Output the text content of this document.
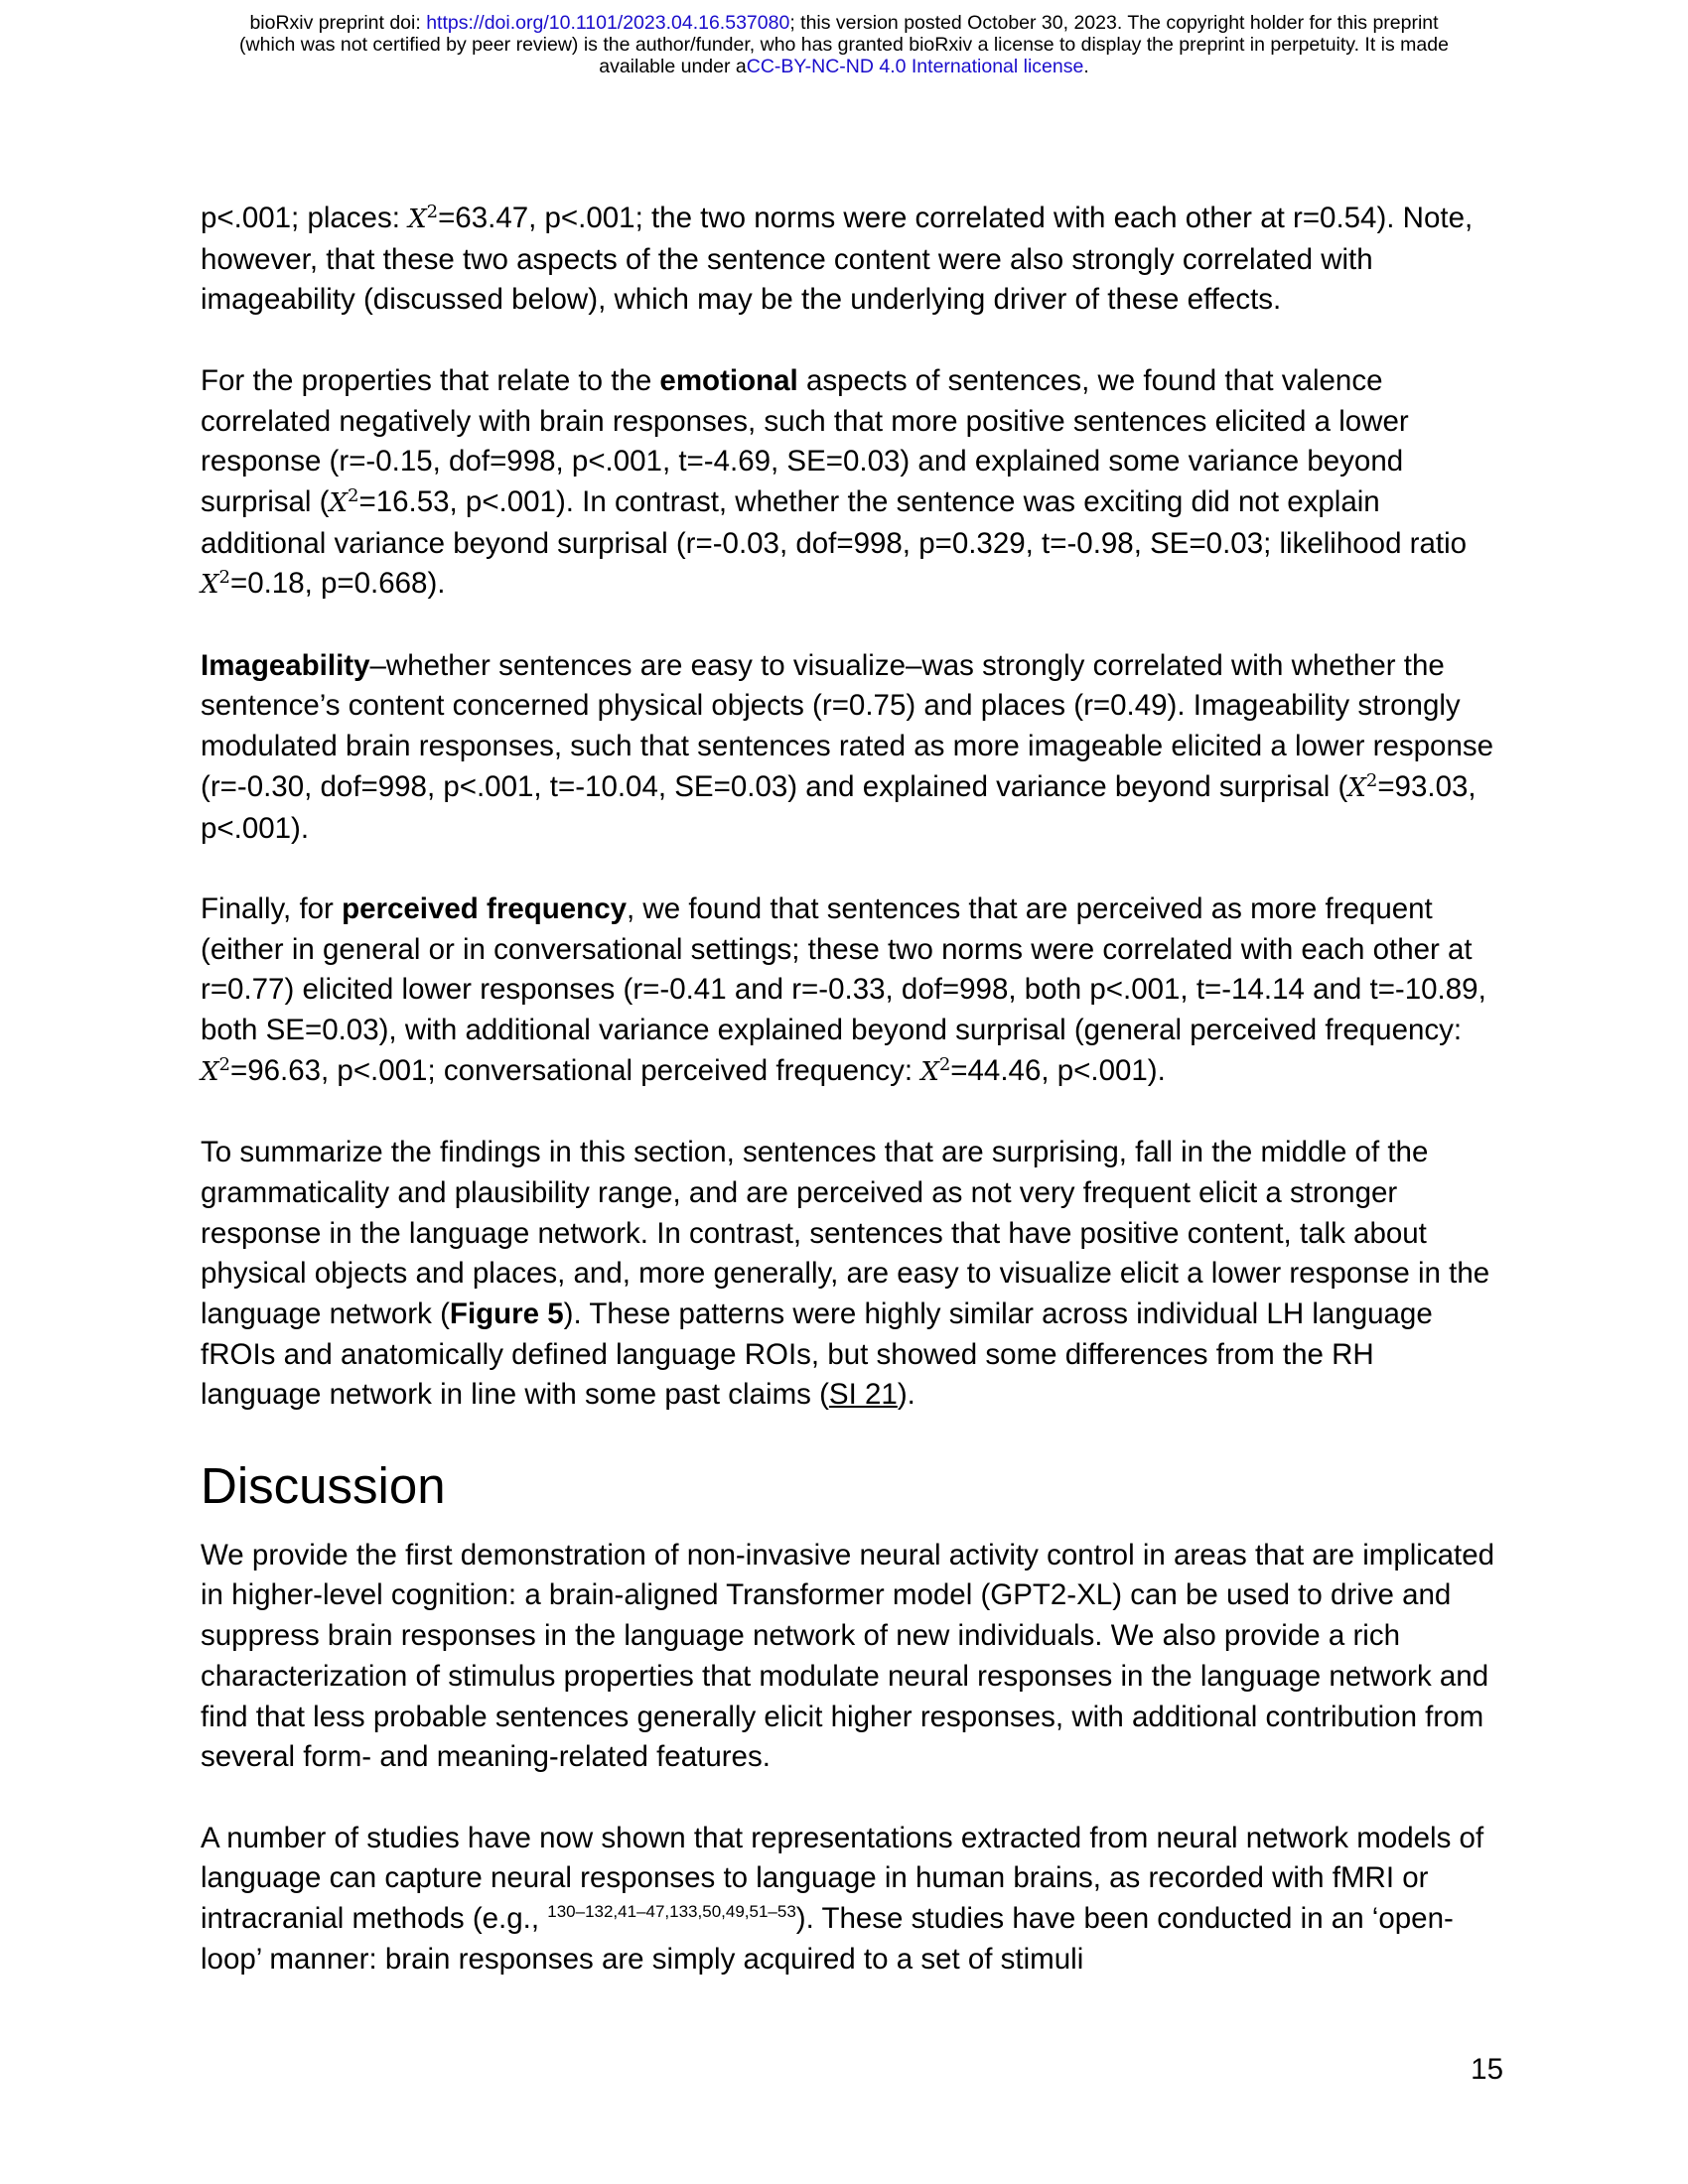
bioRxiv preprint doi: https://doi.org/10.1101/2023.04.16.537080; this version posted October 30, 2023. The copyright holder for this preprint
(which was not certified by peer review) is the author/funder, who has granted bioRxiv a license to display the preprint in perpetuity. It is made
available under aCC-BY-NC-ND 4.0 International license.

p<.001; places: $X^2=63.47$, p<.001; the two norms were correlated with each other at r=0.54). Note, however, that these two aspects of the sentence content were also strongly correlated with imageability (discussed below), which may be the underlying driver of these effects.

For the properties that relate to the emotional aspects of sentences, we found that valence correlated negatively with brain responses, such that more positive sentences elicited a lower response (r=-0.15, dof=998, p<.001, t=-4.69, SE=0.03) and explained some variance beyond surprisal ($X^2=16.53$, p<.001). In contrast, whether the sentence was exciting did not explain additional variance beyond surprisal (r=-0.03, dof=998, p=0.329, t=-0.98, SE=0.03; likelihood ratio $X^2=0.18$, p=0.668).

Imageability–whether sentences are easy to visualize–was strongly correlated with whether the sentence’s content concerned physical objects (r=0.75) and places (r=0.49). Imageability strongly modulated brain responses, such that sentences rated as more imageable elicited a lower response (r=-0.30, dof=998, p<.001, t=-10.04, SE=0.03) and explained variance beyond surprisal ($X^2=93.03$, p<.001).

Finally, for perceived frequency, we found that sentences that are perceived as more frequent (either in general or in conversational settings; these two norms were correlated with each other at r=0.77) elicited lower responses (r=-0.41 and r=-0.33, dof=998, both p<.001, t=-14.14 and t=-10.89, both SE=0.03), with additional variance explained beyond surprisal (general perceived frequency: $X^2=96.63$, p<.001; conversational perceived frequency: $X^2=44.46$, p<.001).

To summarize the findings in this section, sentences that are surprising, fall in the middle of the grammaticality and plausibility range, and are perceived as not very frequent elicit a stronger response in the language network. In contrast, sentences that have positive content, talk about physical objects and places, and, more generally, are easy to visualize elicit a lower response in the language network (Figure 5). These patterns were highly similar across individual LH language fROIs and anatomically defined language ROIs, but showed some differences from the RH language network in line with some past claims (SI 21).

Discussion

We provide the first demonstration of non-invasive neural activity control in areas that are implicated in higher-level cognition: a brain-aligned Transformer model (GPT2-XL) can be used to drive and suppress brain responses in the language network of new individuals. We also provide a rich characterization of stimulus properties that modulate neural responses in the language network and find that less probable sentences generally elicit higher responses, with additional contribution from several form- and meaning-related features.

A number of studies have now shown that representations extracted from neural network models of language can capture neural responses to language in human brains, as recorded with fMRI or intracranial methods (e.g., $^{130-132,41-47,133,50,49,51-53}$). These studies have been conducted in an ‘open-loop’ manner: brain responses are simply acquired to a set of stimuli

15
